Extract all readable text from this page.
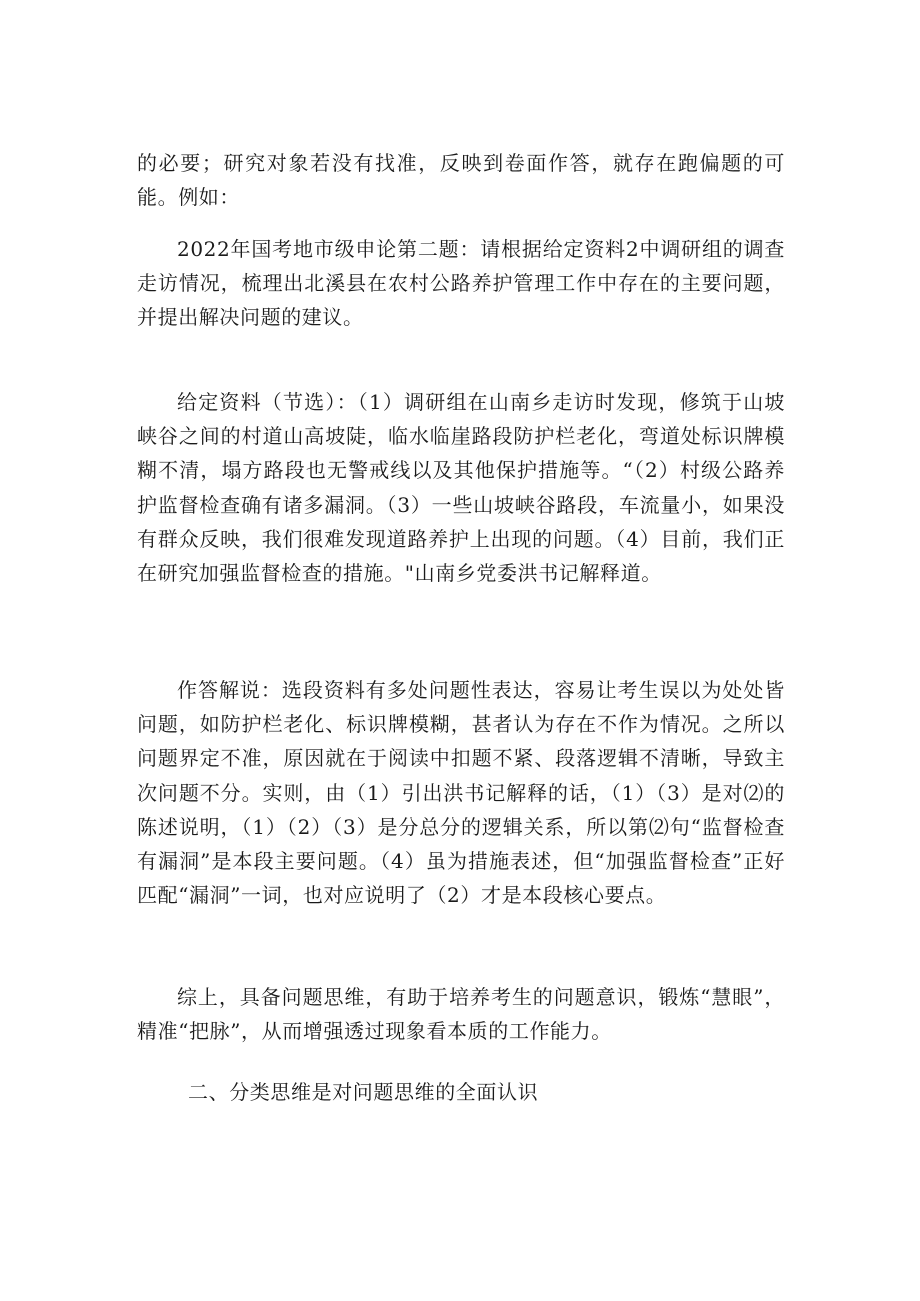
的必要；研究对象若没有找准，反映到卷面作答，就存在跑偏题的可能。例如：

2022年国考地市级申论第二题：请根据给定资料2中调研组的调查走访情况，梳理出北溪县在农村公路养护管理工作中存在的主要问题，并提出解决问题的建议。

给定资料（节选）：（1）调研组在山南乡走访时发现，修筑于山坡峡谷之间的村道山高坡陡，临水临崖路段防护栏老化，弯道处标识牌模糊不清，塌方路段也无警戒线以及其他保护措施等。“（2）村级公路养护监督检查确有诸多漏洞。（3）一些山坡峡谷路段，车流量小，如果没有群众反映，我们很难发现道路养护上出现的问题。（4）目前，我们正在研究加强监督检查的措施。"山南乡党委洪书记解释道。

作答解说：选段资料有多处问题性表达，容易让考生误以为处处皆问题，如防护栏老化、标识牌模糊，甚者认为存在不作为情况。之所以问题界定不准，原因就在于阅读中扣题不紧、段落逻辑不清晰，导致主次问题不分。实则，由（1）引出洪书记解释的话，（1）（3）是对⑵的陈述说明，（1）（2）（3）是分总分的逻辑关系，所以第⑵句“监督检查有漏洞”是本段主要问题。（4）虽为措施表述，但“加强监督检查”正好匹配“漏洞”一词，也对应说明了（2）才是本段核心要点。

综上，具备问题思维，有助于培养考生的问题意识，锻炼“慧眼”，精准“把脉”，从而增强透过现象看本质的工作能力。

二、分类思维是对问题思维的全面认识
